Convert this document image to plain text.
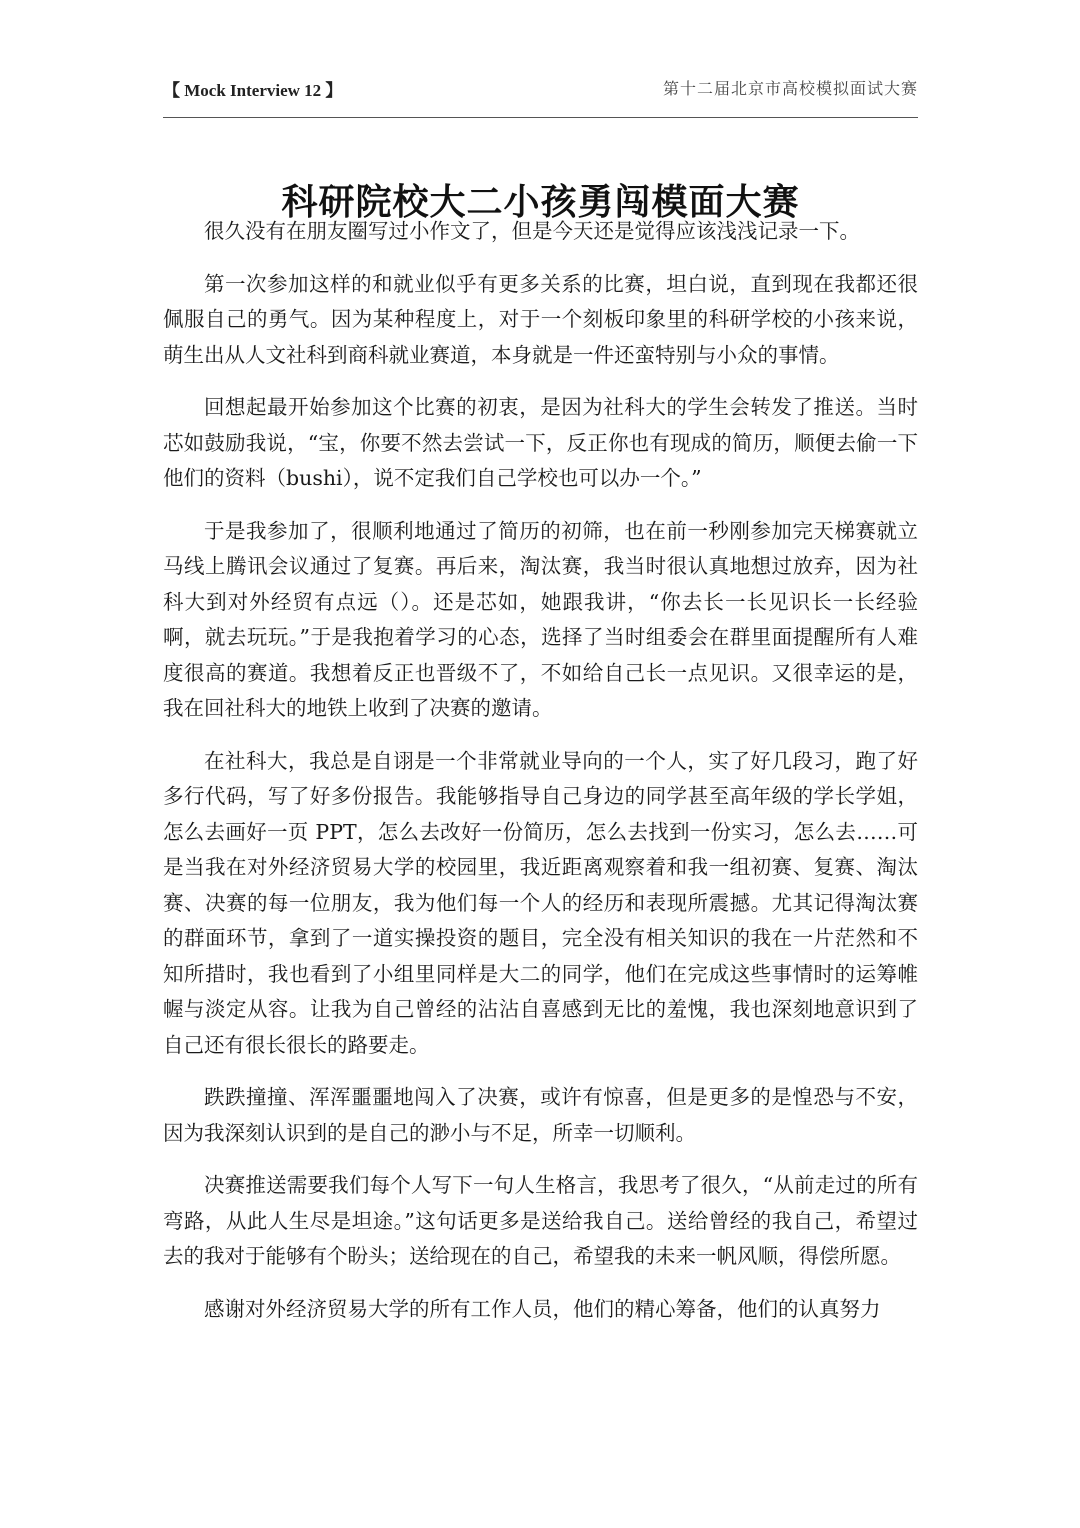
【 Mock Interview 12 】	第十二届北京市高校模拟面试大赛
科研院校大二小孩勇闯模面大赛

很久没有在朋友圈写过小作文了，但是今天还是觉得应该浅浅记录一下。

第一次参加这样的和就业似乎有更多关系的比赛，坦白说，直到现在我都还很佩服自己的勇气。因为某种程度上，对于一个刻板印象里的科研学校的小孩来说，萌生出从人文社科到商科就业赛道，本身就是一件还蛮特别与小众的事情。

回想起最开始参加这个比赛的初衷，是因为社科大的学生会转发了推送。当时芯如鼓励我说，“宝，你要不然去尝试一下，反正你也有现成的简历，顺便去偷一下他们的资料（bushi），说不定我们自己学校也可以办一个。”

于是我参加了，很顺利地通过了简历的初筛，也在前一秒刚参加完天梯赛就立马线上腾讯会议通过了复赛。再后来，淘汰赛，我当时很认真地想过放弃，因为社科大到对外经贸有点远（）。还是芯如，她跟我讲，“你去长一长见识长一长经验啊，就去玩玩。”于是我抱着学习的心态，选择了当时组委会在群里面提醒所有人难度很高的赛道。我想着反正也晋级不了，不如给自己长一点见识。又很幸运的是，我在回社科大的地铁上收到了决赛的邀请。

在社科大，我总是自诩是一个非常就业导向的一个人，实了好几段习，跑了好多行代码，写了好多份报告。我能够指导自己身边的同学甚至高年级的学长学姐，怎么去画好一页 PPT，怎么去改好一份简历，怎么去找到一份实习，怎么去……可是当我在对外经济贸易大学的校园里，我近距离观察着和我一组初赛、复赛、淘汰赛、决赛的每一位朋友，我为他们每一个人的经历和表现所震撼。尤其记得淘汰赛的群面环节，拿到了一道实操投资的题目，完全没有相关知识的我在一片茫然和不知所措时，我也看到了小组里同样是大二的同学，他们在完成这些事情时的运筹帷幄与淡定从容。让我为自己曾经的沾沾自喜感到无比的羞愧，我也深刻地意识到了自己还有很长很长的路要走。

跌跌撞撞、浑浑噩噩地闯入了决赛，或许有惊喜，但是更多的是惶恐与不安，因为我深刻认识到的是自己的渺小与不足，所幸一切顺利。

决赛推送需要我们每个人写下一句人生格言，我思考了很久，“从前走过的所有弯路，从此人生尽是坦途。”这句话更多是送给我自己。送给曾经的我自己，希望过去的我对于能够有个盼头；送给现在的自己，希望我的未来一帆风顺，得偿所愿。

感谢对外经济贸易大学的所有工作人员，他们的精心筹备，他们的认真努力
